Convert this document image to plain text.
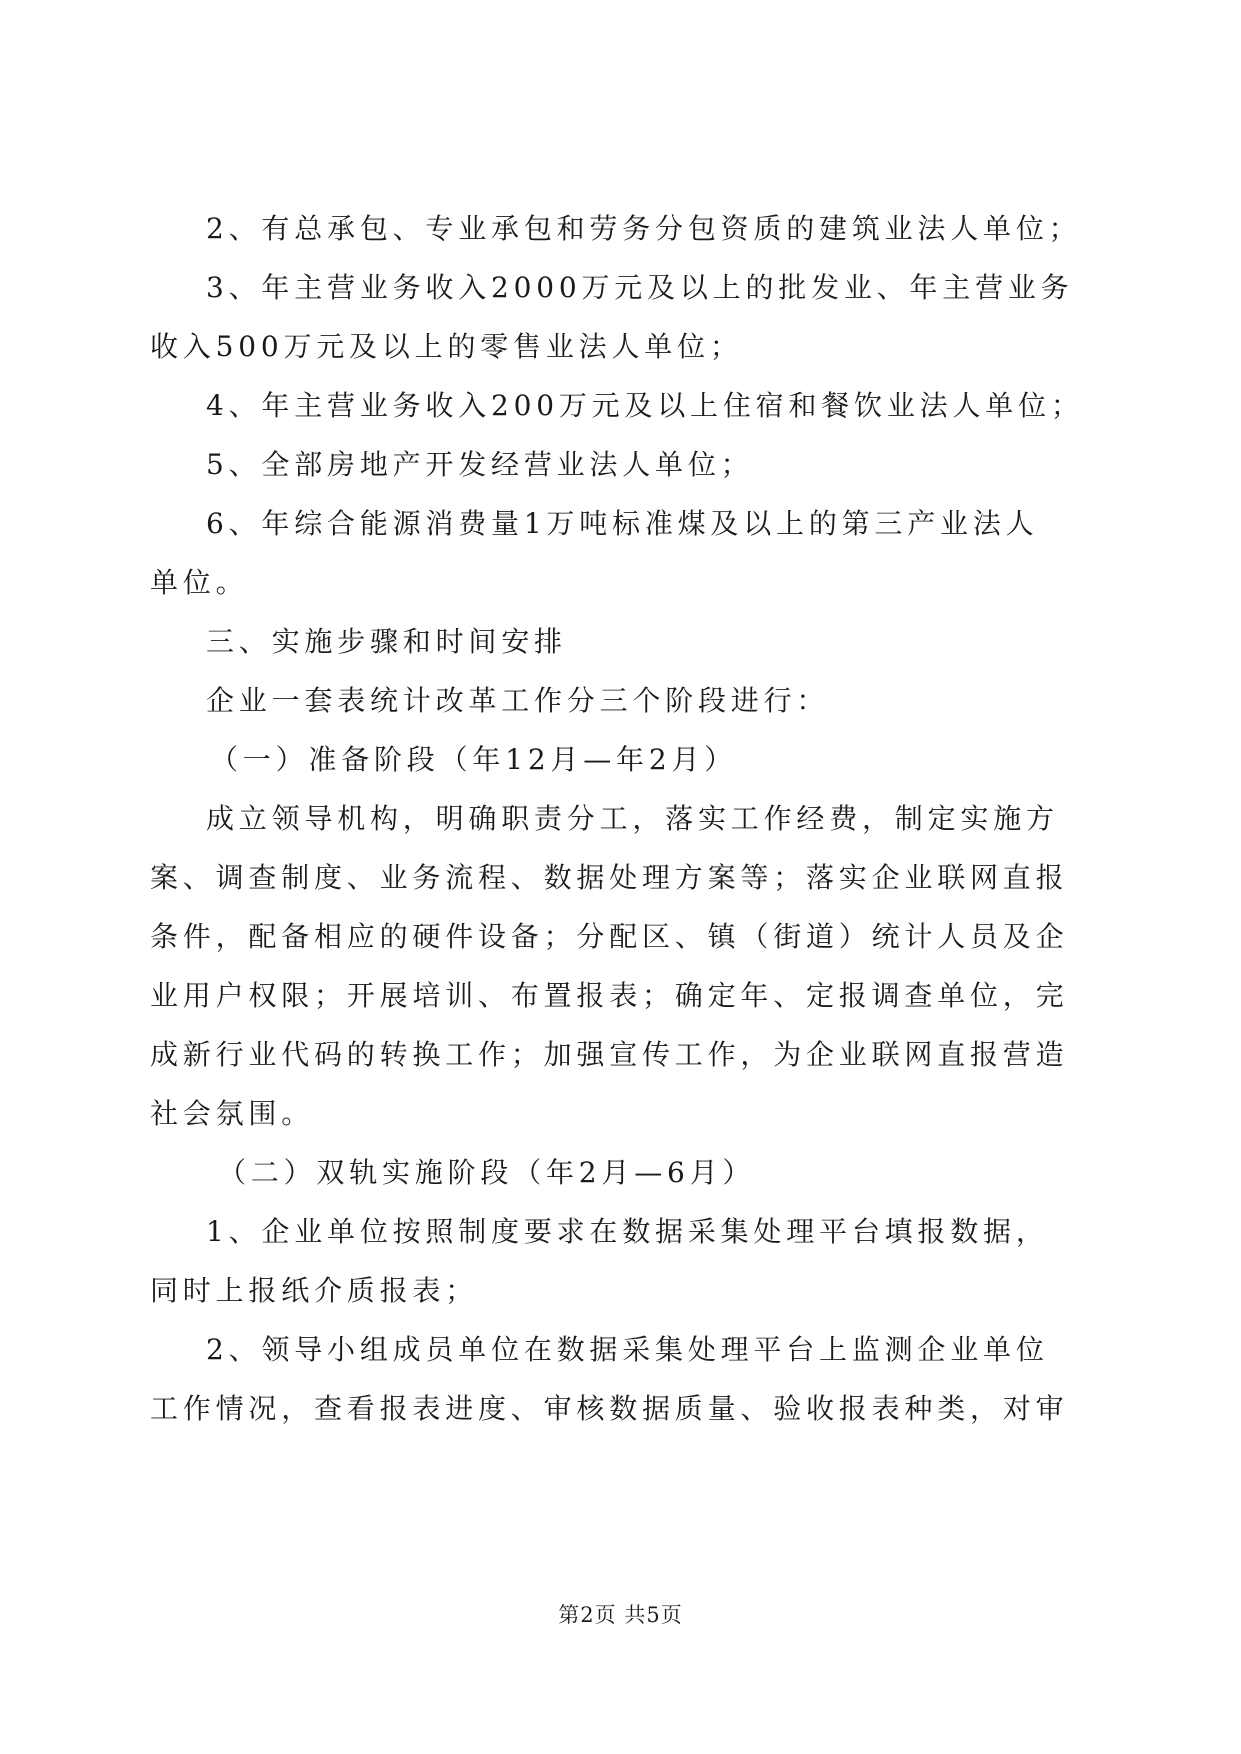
2、有总承包、专业承包和劳务分包资质的建筑业法人单位；
3、年主营业务收入2000万元及以上的批发业、年主营业务
收入500万元及以上的零售业法人单位；
4、年主营业务收入200万元及以上住宿和餐饮业法人单位；
5、全部房地产开发经营业法人单位；
6、年综合能源消费量1万吨标准煤及以上的第三产业法人
单位。
三、实施步骤和时间安排
企业一套表统计改革工作分三个阶段进行：
（一）准备阶段（年12月—年2月）
成立领导机构，明确职责分工，落实工作经费，制定实施方
案、调查制度、业务流程、数据处理方案等；落实企业联网直报
条件，配备相应的硬件设备；分配区、镇（街道）统计人员及企
业用户权限；开展培训、布置报表；确定年、定报调查单位，完
成新行业代码的转换工作；加强宣传工作，为企业联网直报营造
社会氛围。
（二）双轨实施阶段（年2月—6月）
1、企业单位按照制度要求在数据采集处理平台填报数据，
同时上报纸介质报表；
2、领导小组成员单位在数据采集处理平台上监测企业单位
工作情况，查看报表进度、审核数据质量、验收报表种类，对审
第2页 共5页
